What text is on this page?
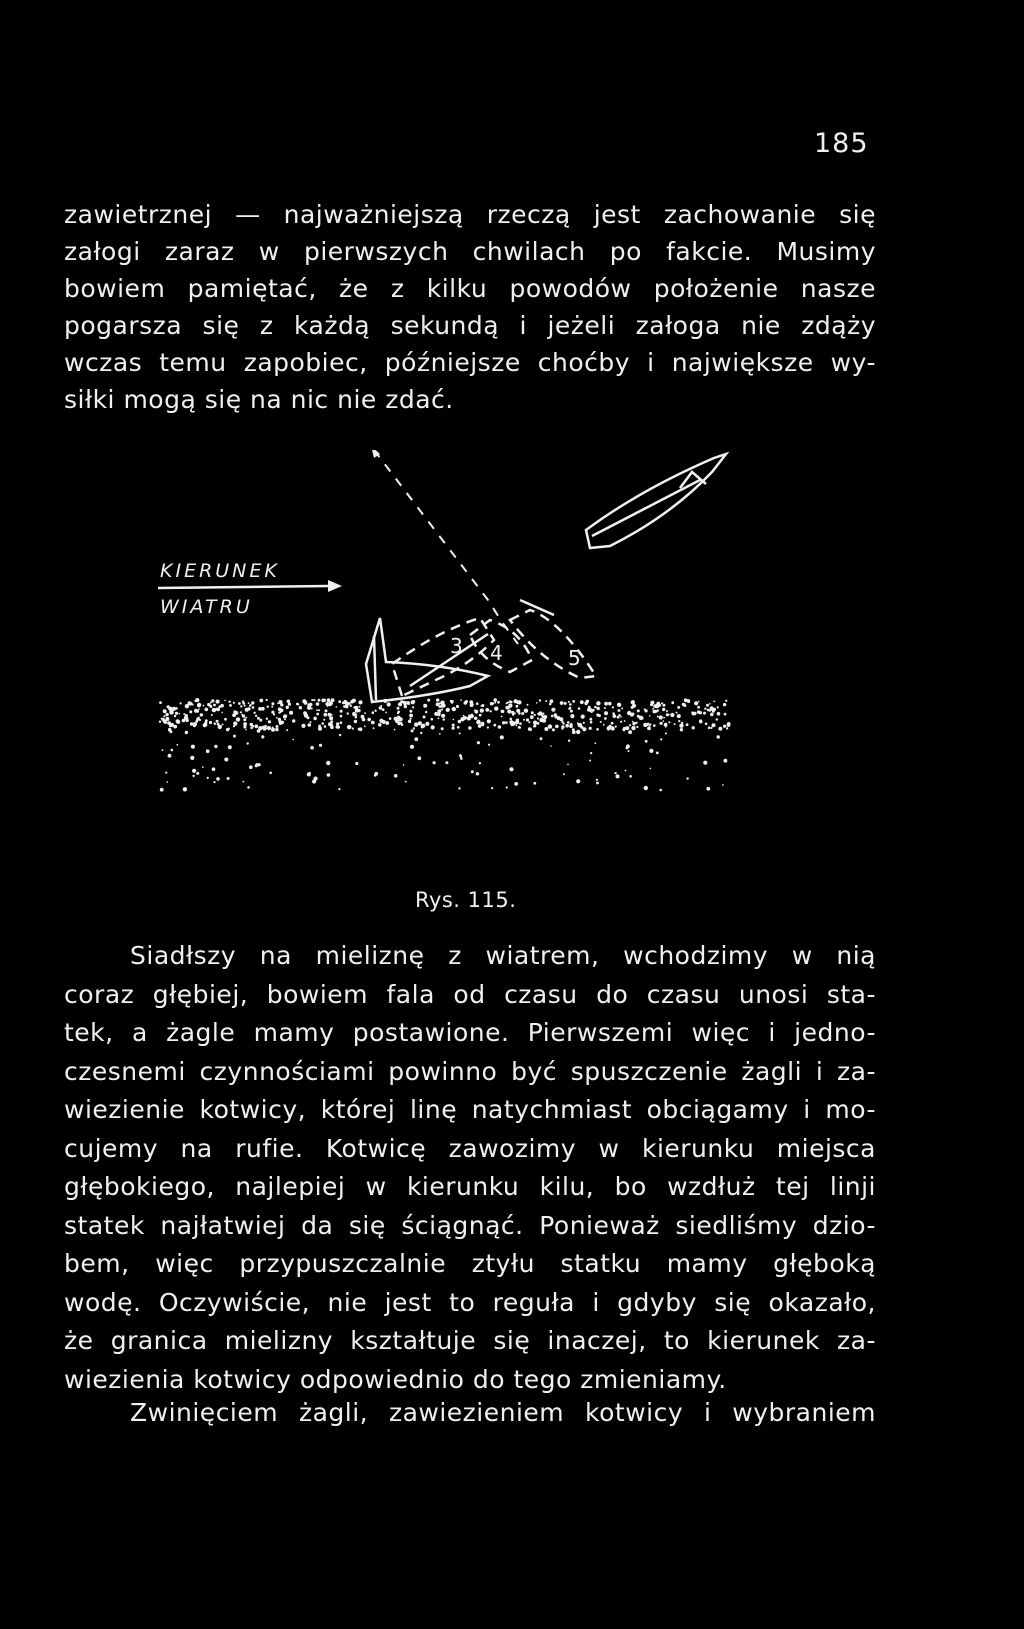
185
zawietrznej — najważniejszą rzeczą jest zachowanie się
załogi zaraz w pierwszych chwilach po fakcie. Musimy
bowiem pamiętać, że z kilku powodów położenie nasze
pogarsza się z każdą sekundą i jeżeli załoga nie zdąży
wczas temu zapobiec, późniejsze choćby i największe wy-
siłki mogą się na nic nie zdać.
KIERUNEK
WIATRU
5
4
3
Rys. 115.
Siadłszy na mieliznę z wiatrem, wchodzimy w nią
coraz głębiej, bowiem fala od czasu do czasu unosi sta-
tek, a żagle mamy postawione. Pierwszemi więc i jedno-
czesnemi czynnościami powinno być spuszczenie żagli i za-
wiezienie kotwicy, której linę natychmiast obciągamy i mo-
cujemy na rufie. Kotwicę zawozimy w kierunku miejsca
głębokiego, najlepiej w kierunku kilu, bo wzdłuż tej linji
statek najłatwiej da się ściągnąć. Ponieważ siedliśmy dzio-
bem, więc przypuszczalnie ztyłu statku mamy głęboką
wodę. Oczywiście, nie jest to reguła i gdyby się okazało,
że granica mielizny kształtuje się inaczej, to kierunek za-
wiezienia kotwicy odpowiednio do tego zmieniamy.
Zwinięciem żagli, zawiezieniem kotwicy i wybraniem
